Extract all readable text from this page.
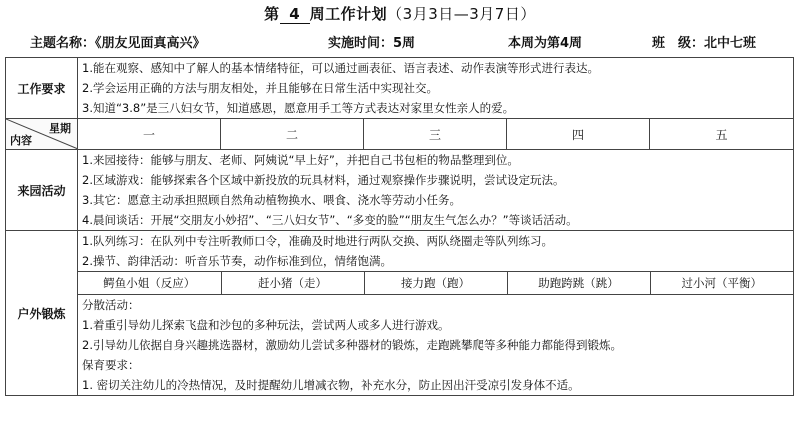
第 4 周工作计划（3月3日—3月7日）
主题名称：《朋友见面真高兴》	实施时间：5周	本周为第4周	班　级：北中七班
工作要求	
1.能在观察、感知中了解人的基本情绪特征，可以通过画表征、语言表述、动作表演等形式进行表达。
2.学会运用正确的方法与朋友相处，并且能够在日常生活中实现社交。
3.知道“3.8”是三八妇女节，知道感恩，愿意用手工等方式表达对家里女性亲人的爱。

星期
内容	一	二	三	四	五
来园活动	
1.来园接待：能够与朋友、老师、阿姨说“早上好”，并把自己书包柜的物品整理到位。
2.区域游戏：能够探索各个区域中新投放的玩具材料，通过观察操作步骤说明，尝试设定玩法。
3.其它：愿意主动承担照顾自然角动植物换水、喂食、浇水等劳动小任务。
4.晨间谈话：开展“交朋友小妙招”、“三八妇女节”、“多变的脸”“朋友生气怎么办？”等谈话活动。

户外锻炼	
1.队列练习：在队列中专注听教师口令，准确及时地进行两队交换、两队绕圈走等队列练习。
2.操节、韵律活动：听音乐节奏，动作标准到位，情绪饱满。
鳄鱼小姐（反应）	赶小猪（走）	接力跑（跑）	助跑跨跳（跳）	过小河（平衡）
分散活动：
1.着重引导幼儿探索飞盘和沙包的多种玩法，尝试两人或多人进行游戏。
2.引导幼儿依据自身兴趣挑选器材，激励幼儿尝试多种器材的锻炼，走跑跳攀爬等多种能力都能得到锻炼。
保育要求：
1. 密切关注幼儿的冷热情况，及时提醒幼儿增减衣物，补充水分，防止因出汗受凉引发身体不适。
